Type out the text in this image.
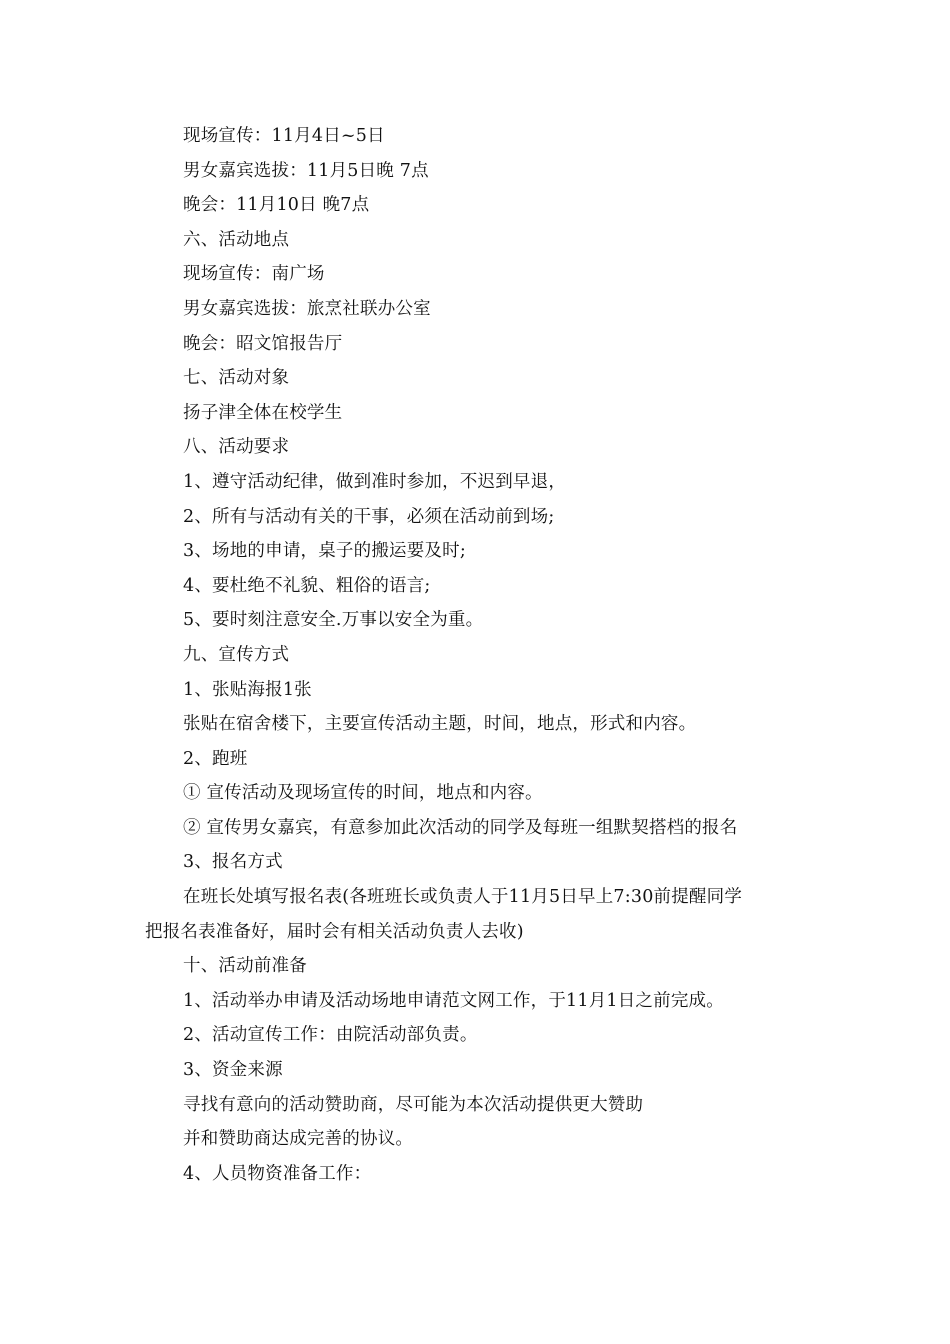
现场宣传：11月4日~5日
男女嘉宾选拔：11月5日晚 7点
晚会：11月10日 晚7点
六、活动地点
现场宣传：南广场
男女嘉宾选拔：旅烹社联办公室
晚会：昭文馆报告厅
七、活动对象
扬子津全体在校学生
八、活动要求
1、遵守活动纪律，做到准时参加，不迟到早退，
2、所有与活动有关的干事，必须在活动前到场;
3、场地的申请，桌子的搬运要及时;
4、要杜绝不礼貌、粗俗的语言;
5、要时刻注意安全.万事以安全为重。
九、宣传方式
1、张贴海报1张
张贴在宿舍楼下，主要宣传活动主题，时间，地点，形式和内容。
2、跑班
① 宣传活动及现场宣传的时间，地点和内容。
② 宣传男女嘉宾，有意参加此次活动的同学及每班一组默契搭档的报名
3、报名方式
在班长处填写报名表(各班班长或负责人于11月5日早上7:30前提醒同学
把报名表准备好，届时会有相关活动负责人去收)
十、活动前准备
1、活动举办申请及活动场地申请范文网工作，于11月1日之前完成。
2、活动宣传工作：由院活动部负责。
3、资金来源
寻找有意向的活动赞助商，尽可能为本次活动提供更大赞助
并和赞助商达成完善的协议。
4、人员物资准备工作：
